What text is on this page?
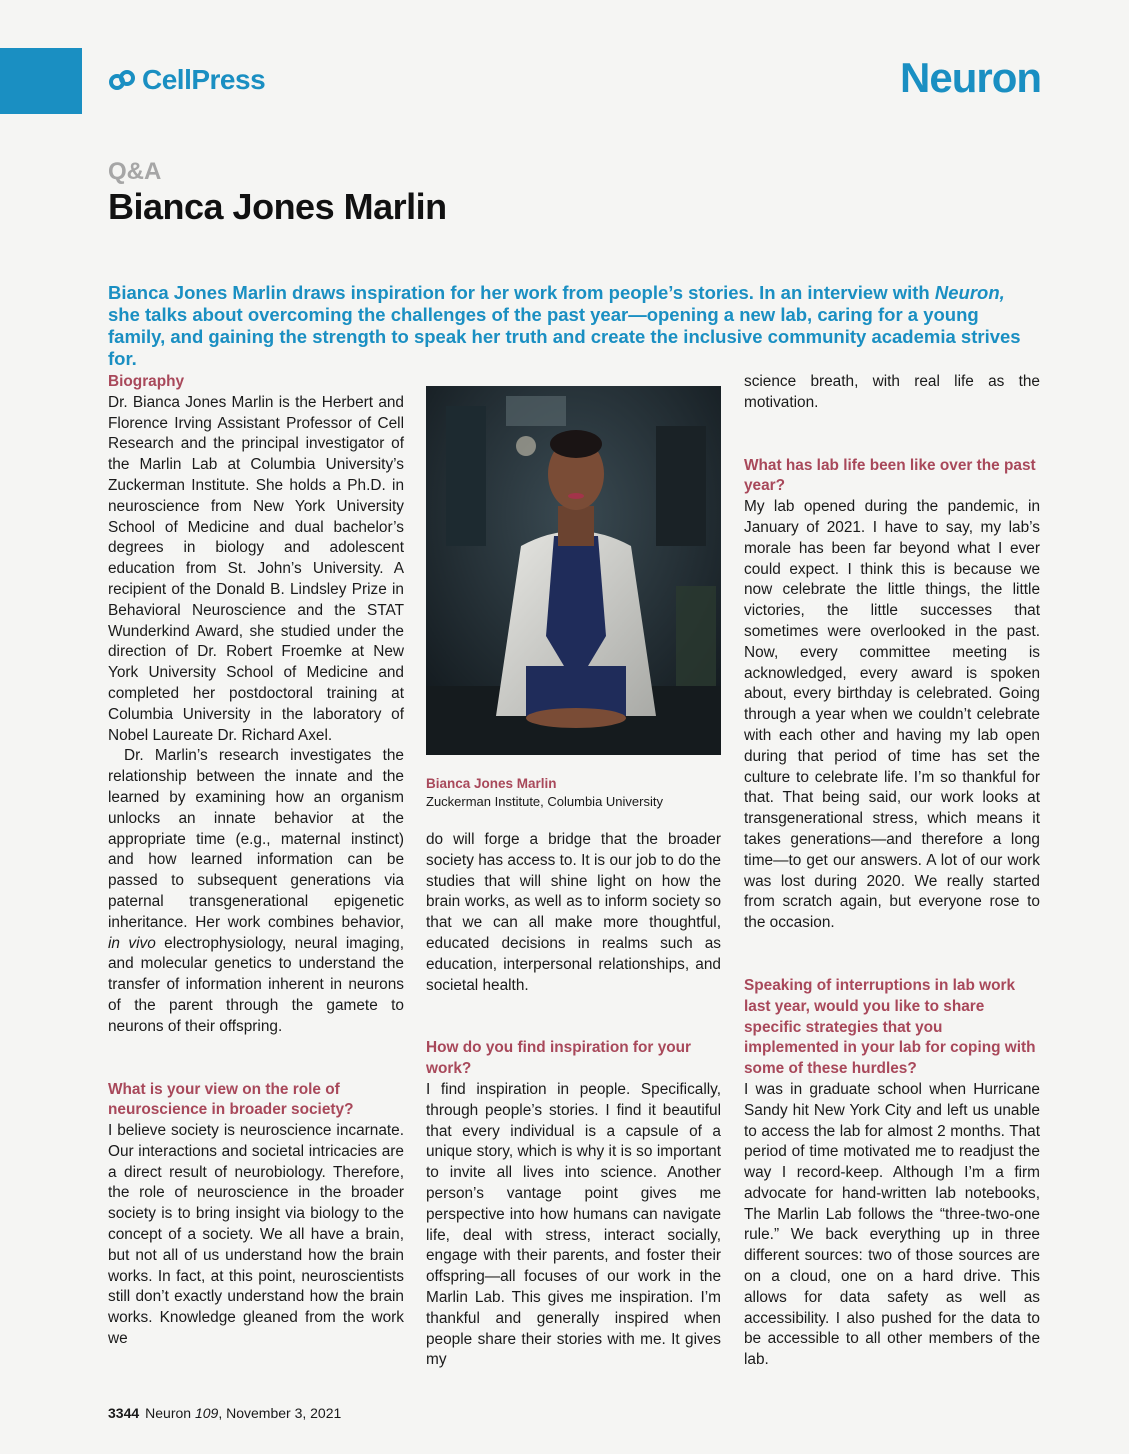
CellPress	Neuron
Q&A
Bianca Jones Marlin
Bianca Jones Marlin draws inspiration for her work from people’s stories. In an interview with Neuron, she talks about overcoming the challenges of the past year—opening a new lab, caring for a young family, and gaining the strength to speak her truth and create the inclusive community academia strives for.

Biography

Dr. Bianca Jones Marlin is the Herbert and Florence Irving Assistant Professor of Cell Research and the principal investigator of the Marlin Lab at Columbia University’s Zuckerman Institute. She holds a Ph.D. in neuroscience from New York University School of Medicine and dual bachelor’s degrees in biology and adolescent education from St. John’s University. A recipient of the Donald B. Lindsley Prize in Behavioral Neuroscience and the STAT Wunderkind Award, she studied under the direction of Dr. Robert Froemke at New York University School of Medicine and completed her postdoctoral training at Columbia University in the laboratory of Nobel Laureate Dr. Richard Axel.

Dr. Marlin’s research investigates the relationship between the innate and the learned by examining how an organism unlocks an innate behavior at the appropriate time (e.g., maternal instinct) and how learned information can be passed to subsequent generations via paternal transgenerational epigenetic inheritance. Her work combines behavior, in vivo electrophysiology, neural imaging, and molecular genetics to understand the transfer of information inherent in neurons of the parent through the gamete to neurons of their offspring.

What is your view on the role of neuroscience in broader society?

I believe society is neuroscience incarnate. Our interactions and societal intricacies are a direct result of neurobiology. Therefore, the role of neuroscience in the broader society is to bring insight via biology to the concept of a society. We all have a brain, but not all of us understand how the brain works. In fact, at this point, neuroscientists still don’t exactly understand how the brain works. Knowledge gleaned from the work we

Bianca Jones Marlin
Zuckerman Institute, Columbia University

do will forge a bridge that the broader society has access to. It is our job to do the studies that will shine light on how the brain works, as well as to inform society so that we can all make more thoughtful, educated decisions in realms such as education, interpersonal relationships, and societal health.

How do you find inspiration for your work?

I find inspiration in people. Specifically, through people’s stories. I find it beautiful that every individual is a capsule of a unique story, which is why it is so important to invite all lives into science. Another person’s vantage point gives me perspective into how humans can navigate life, deal with stress, interact socially, engage with their parents, and foster their offspring—all focuses of our work in the Marlin Lab. This gives me inspiration. I’m thankful and generally inspired when people share their stories with me. It gives my

science breath, with real life as the motivation.

What has lab life been like over the past year?

My lab opened during the pandemic, in January of 2021. I have to say, my lab’s morale has been far beyond what I ever could expect. I think this is because we now celebrate the little things, the little victories, the little successes that sometimes were overlooked in the past. Now, every committee meeting is acknowledged, every award is spoken about, every birthday is celebrated. Going through a year when we couldn’t celebrate with each other and having my lab open during that period of time has set the culture to celebrate life. I’m so thankful for that. That being said, our work looks at transgenerational stress, which means it takes generations—and therefore a long time—to get our answers. A lot of our work was lost during 2020. We really started from scratch again, but everyone rose to the occasion.

Speaking of interruptions in lab work last year, would you like to share specific strategies that you implemented in your lab for coping with some of these hurdles?

I was in graduate school when Hurricane Sandy hit New York City and left us unable to access the lab for almost 2 months. That period of time motivated me to readjust the way I record-keep. Although I’m a firm advocate for hand-written lab notebooks, The Marlin Lab follows the “three-two-one rule.” We back everything up in three different sources: two of those sources are on a cloud, one on a hard drive. This allows for data safety as well as accessibility. I also pushed for the data to be accessible to all other members of the lab.

3344 Neuron 109, November 3, 2021
